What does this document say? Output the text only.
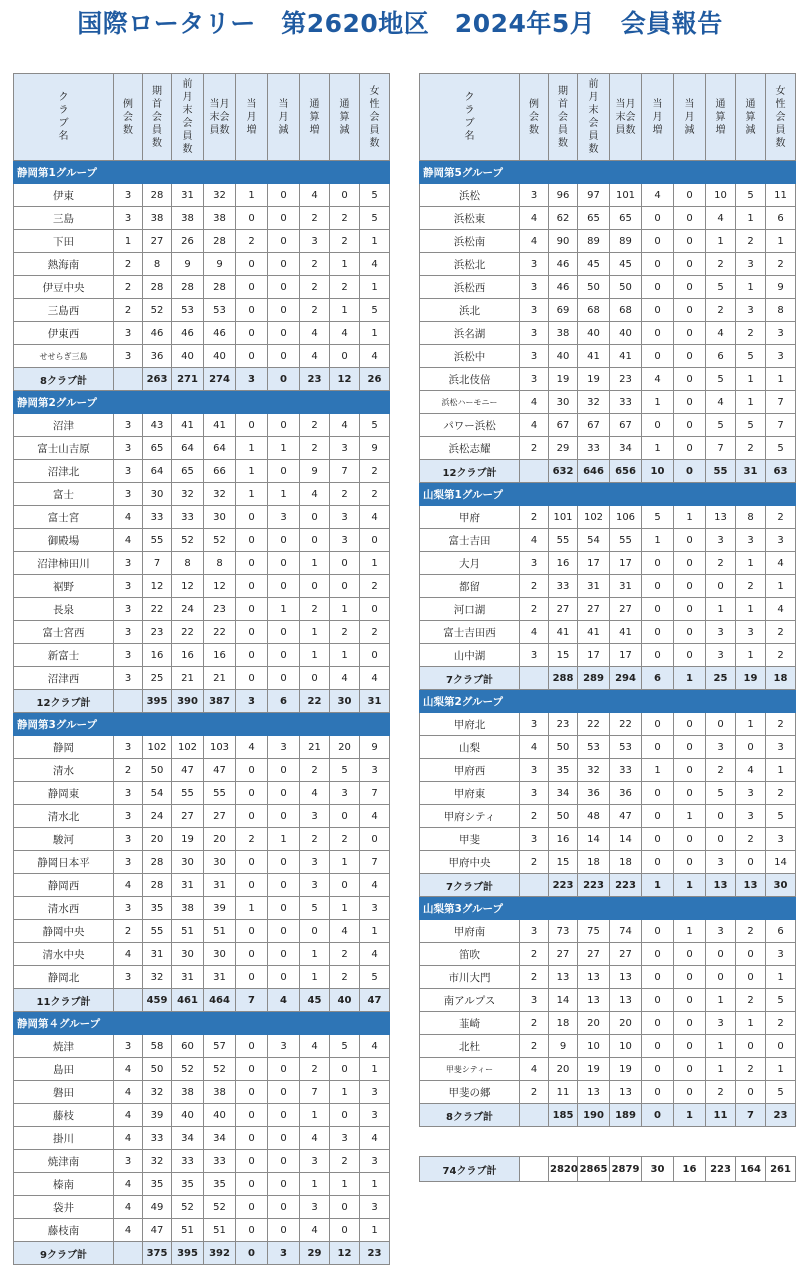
国際ロータリー　第2620地区　2024年5月　会員報告
クラブ名	例会数	期首会員数	前月末会員数	当月末会員数	当月増	当月減	通算増	通算減	女性会員数
静岡第1グループ									
伊東	3	28	31	32	1	0	4	0	5
三島	3	38	38	38	0	0	2	2	5
下田	1	27	26	28	2	0	3	2	1
熱海南	2	8	9	9	0	0	2	1	4
伊豆中央	2	28	28	28	0	0	2	2	1
三島西	2	52	53	53	0	0	2	1	5
伊東西	3	46	46	46	0	0	4	4	1
せせらぎ三島	3	36	40	40	0	0	4	0	4
8クラブ計		263	271	274	3	0	23	12	26
静岡第2グループ									
沼津	3	43	41	41	0	0	2	4	5
富士山吉原	3	65	64	64	1	1	2	3	9
沼津北	3	64	65	66	1	0	9	7	2
富士	3	30	32	32	1	1	4	2	2
富士宮	4	33	33	30	0	3	0	3	4
御殿場	4	55	52	52	0	0	0	3	0
沼津柿田川	3	7	8	8	0	0	1	0	1
裾野	3	12	12	12	0	0	0	0	2
長泉	3	22	24	23	0	1	2	1	0
富士宮西	3	23	22	22	0	0	1	2	2
新富士	3	16	16	16	0	0	1	1	0
沼津西	3	25	21	21	0	0	0	4	4
12クラブ計		395	390	387	3	6	22	30	31
静岡第3グループ									
静岡	3	102	102	103	4	3	21	20	9
清水	2	50	47	47	0	0	2	5	3
静岡東	3	54	55	55	0	0	4	3	7
清水北	3	24	27	27	0	0	3	0	4
駿河	3	20	19	20	2	1	2	2	0
静岡日本平	3	28	30	30	0	0	3	1	7
静岡西	4	28	31	31	0	0	3	0	4
清水西	3	35	38	39	1	0	5	1	3
静岡中央	2	55	51	51	0	0	0	4	1
清水中央	4	31	30	30	0	0	1	2	4
静岡北	3	32	31	31	0	0	1	2	5
11クラブ計		459	461	464	7	4	45	40	47
静岡第４グループ									
焼津	3	58	60	57	0	3	4	5	4
島田	4	50	52	52	0	0	2	0	1
磐田	4	32	38	38	0	0	7	1	3
藤枝	4	39	40	40	0	0	1	0	3
掛川	4	33	34	34	0	0	4	3	4
焼津南	3	32	33	33	0	0	3	2	3
榛南	4	35	35	35	0	0	1	1	1
袋井	4	49	52	52	0	0	3	0	3
藤枝南	4	47	51	51	0	0	4	0	1
9クラブ計		375	395	392	0	3	29	12	23
クラブ名	例会数	期首会員数	前月末会員数	当月末会員数	当月増	当月減	通算増	通算減	女性会員数
静岡第5グループ									
浜松	3	96	97	101	4	0	10	5	11
浜松東	4	62	65	65	0	0	4	1	6
浜松南	4	90	89	89	0	0	1	2	1
浜松北	3	46	45	45	0	0	2	3	2
浜松西	3	46	50	50	0	0	5	1	9
浜北	3	69	68	68	0	0	2	3	8
浜名湖	3	38	40	40	0	0	4	2	3
浜松中	3	40	41	41	0	0	6	5	3
浜北伎倍	3	19	19	23	4	0	5	1	1
浜松ハーモニー	4	30	32	33	1	0	4	1	7
パワー浜松	4	67	67	67	0	0	5	5	7
浜松志耀	2	29	33	34	1	0	7	2	5
12クラブ計		632	646	656	10	0	55	31	63
山梨第1グループ									
甲府	2	101	102	106	5	1	13	8	2
富士吉田	4	55	54	55	1	0	3	3	3
大月	3	16	17	17	0	0	2	1	4
都留	2	33	31	31	0	0	0	2	1
河口湖	2	27	27	27	0	0	1	1	4
富士吉田西	4	41	41	41	0	0	3	3	2
山中湖	3	15	17	17	0	0	3	1	2
7クラブ計		288	289	294	6	1	25	19	18
山梨第2グループ									
甲府北	3	23	22	22	0	0	0	1	2
山梨	4	50	53	53	0	0	3	0	3
甲府西	3	35	32	33	1	0	2	4	1
甲府東	3	34	36	36	0	0	5	3	2
甲府シティ	2	50	48	47	0	1	0	3	5
甲斐	3	16	14	14	0	0	0	2	3
甲府中央	2	15	18	18	0	0	3	0	14
7クラブ計		223	223	223	1	1	13	13	30
山梨第3グループ									
甲府南	3	73	75	74	0	1	3	2	6
笛吹	2	27	27	27	0	0	0	0	3
市川大門	2	13	13	13	0	0	0	0	1
南アルプス	3	14	13	13	0	0	1	2	5
韮崎	2	18	20	20	0	0	3	1	2
北杜	2	9	10	10	0	0	1	0	0
甲斐シティー	4	20	19	19	0	0	1	2	1
甲斐の郷	2	11	13	13	0	0	2	0	5
8クラブ計		185	190	189	0	1	11	7	23
74クラブ計		2820	2865	2879	30	16	223	164	261
